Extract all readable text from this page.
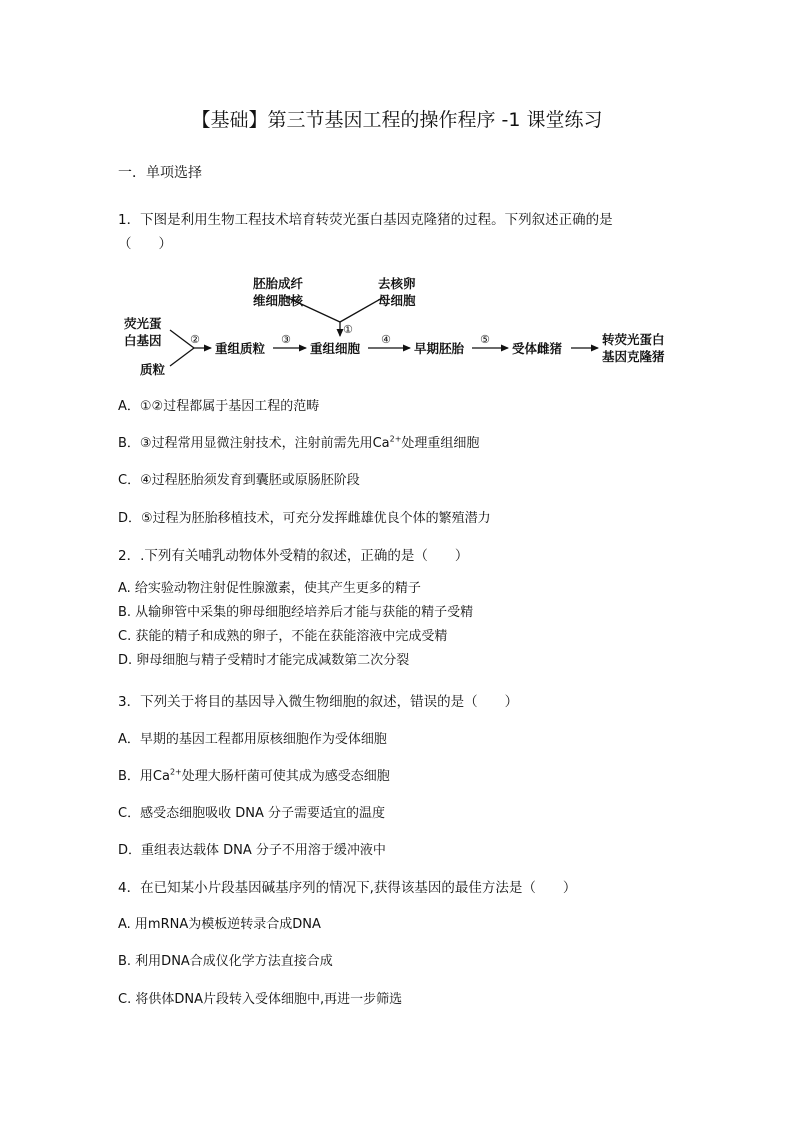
【基础】第三节基因工程的操作程序 -1 课堂练习
一．单项选择
1．下图是利用生物工程技术培育转荧光蛋白基因克隆猪的过程。下列叙述正确的是
（　　）
胚胎成纤
维细胞核
去核卵
母细胞
荧光蛋
白基因
质粒
②
重组质粒
③
①
重组细胞
④
早期胚胎
⑤
受体雌猪
转荧光蛋白
基因克隆猪
A．①②过程都属于基因工程的范畴
B．③过程常用显微注射技术，注射前需先用$Ca^{2+}$处理重组细胞
C．④过程胚胎须发育到囊胚或原肠胚阶段
D．⑤过程为胚胎移植技术，可充分发挥雌雄优良个体的繁殖潜力
2．.下列有关哺乳动物体外受精的叙述，正确的是（　　）
A. 给实验动物注射促性腺激素，使其产生更多的精子
B. 从输卵管中采集的卵母细胞经培养后才能与获能的精子受精
C. 获能的精子和成熟的卵子，不能在获能溶液中完成受精
D. 卵母细胞与精子受精时才能完成减数第二次分裂
3．下列关于将目的基因导入微生物细胞的叙述，错误的是（　　）
A．早期的基因工程都用原核细胞作为受体细胞
B．用$Ca^{2+}$处理大肠杆菌可使其成为感受态细胞
C．感受态细胞吸收 DNA 分子需要适宜的温度
D．重组表达载体 DNA 分子不用溶于缓冲液中
4．在已知某小片段基因碱基序列的情况下,获得该基因的最佳方法是（　　）
A. 用mRNA为模板逆转录合成DNA
B. 利用DNA合成仪化学方法直接合成
C. 将供体DNA片段转入受体细胞中,再进一步筛选
